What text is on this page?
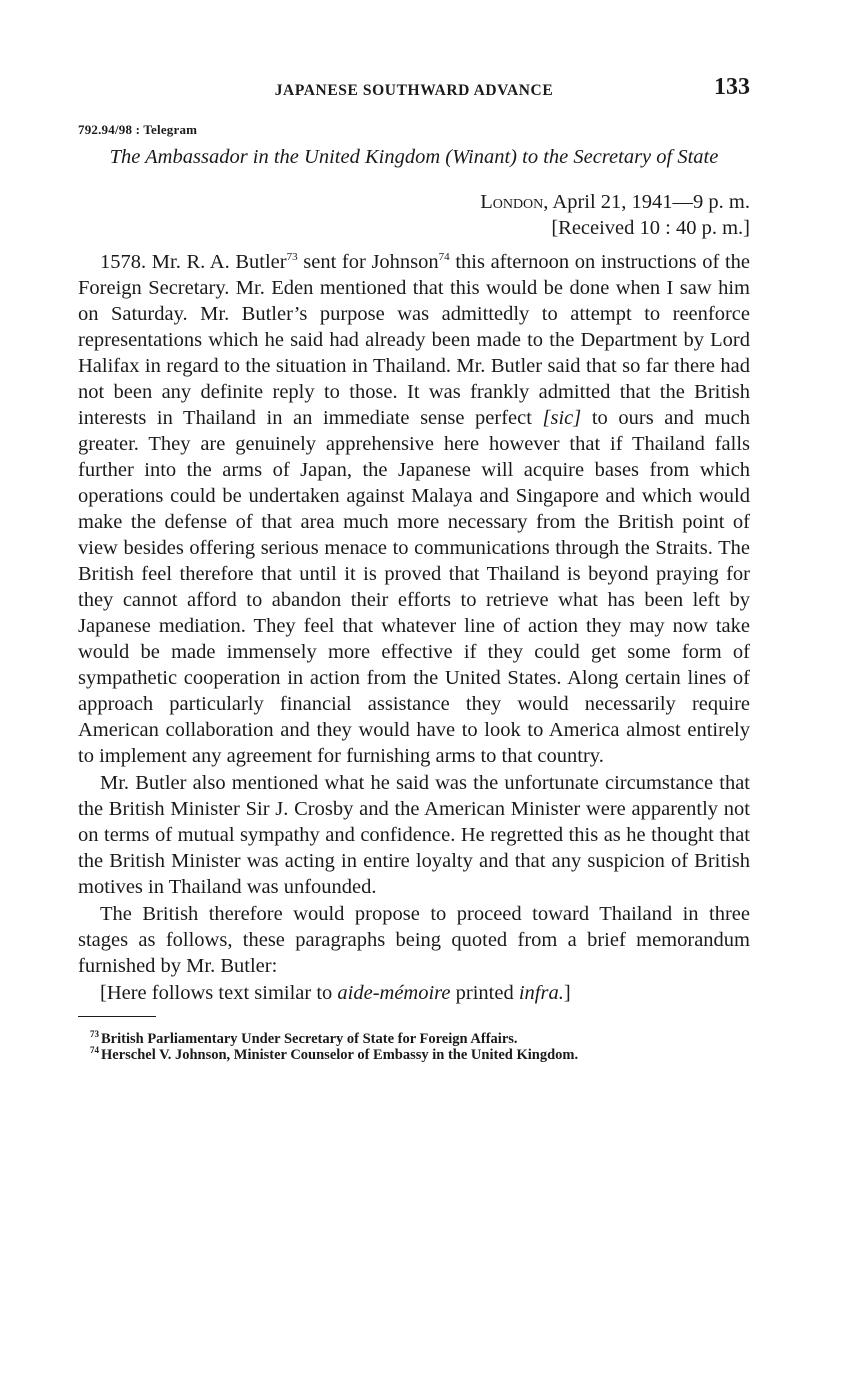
JAPANESE SOUTHWARD ADVANCE	133
792.94/98 : Telegram
The Ambassador in the United Kingdom (Winant) to the Secretary of State
London, April 21, 1941—9 p. m.
[Received 10 : 40 p. m.]

1578. Mr. R. A. Butler$^{73}$ sent for Johnson$^{74}$ this afternoon on instructions of the Foreign Secretary. Mr. Eden mentioned that this would be done when I saw him on Saturday. Mr. Butler’s purpose was admittedly to attempt to reenforce representations which he said had already been made to the Department by Lord Halifax in regard to the situation in Thailand. Mr. Butler said that so far there had not been any definite reply to those. It was frankly admitted that the British interests in Thailand in an immediate sense perfect [sic] to ours and much greater. They are genuinely apprehensive here however that if Thailand falls further into the arms of Japan, the Japanese will acquire bases from which operations could be undertaken against Malaya and Singapore and which would make the defense of that area much more necessary from the British point of view besides offering serious menace to communications through the Straits. The British feel therefore that until it is proved that Thailand is beyond praying for they cannot afford to abandon their efforts to retrieve what has been left by Japanese mediation. They feel that whatever line of action they may now take would be made immensely more effective if they could get some form of sympathetic cooperation in action from the United States. Along certain lines of approach particularly financial assistance they would necessarily require American collaboration and they would have to look to America almost entirely to implement any agreement for furnishing arms to that country.

Mr. Butler also mentioned what he said was the unfortunate circumstance that the British Minister Sir J. Crosby and the American Minister were apparently not on terms of mutual sympathy and confidence. He regretted this as he thought that the British Minister was acting in entire loyalty and that any suspicion of British motives in Thailand was unfounded.

The British therefore would propose to proceed toward Thailand in three stages as follows, these paragraphs being quoted from a brief memorandum furnished by Mr. Butler:

[Here follows text similar to aide-mémoire printed infra.]

$^{73}$ British Parliamentary Under Secretary of State for Foreign Affairs.
$^{74}$ Herschel V. Johnson, Minister Counselor of Embassy in the United Kingdom.
